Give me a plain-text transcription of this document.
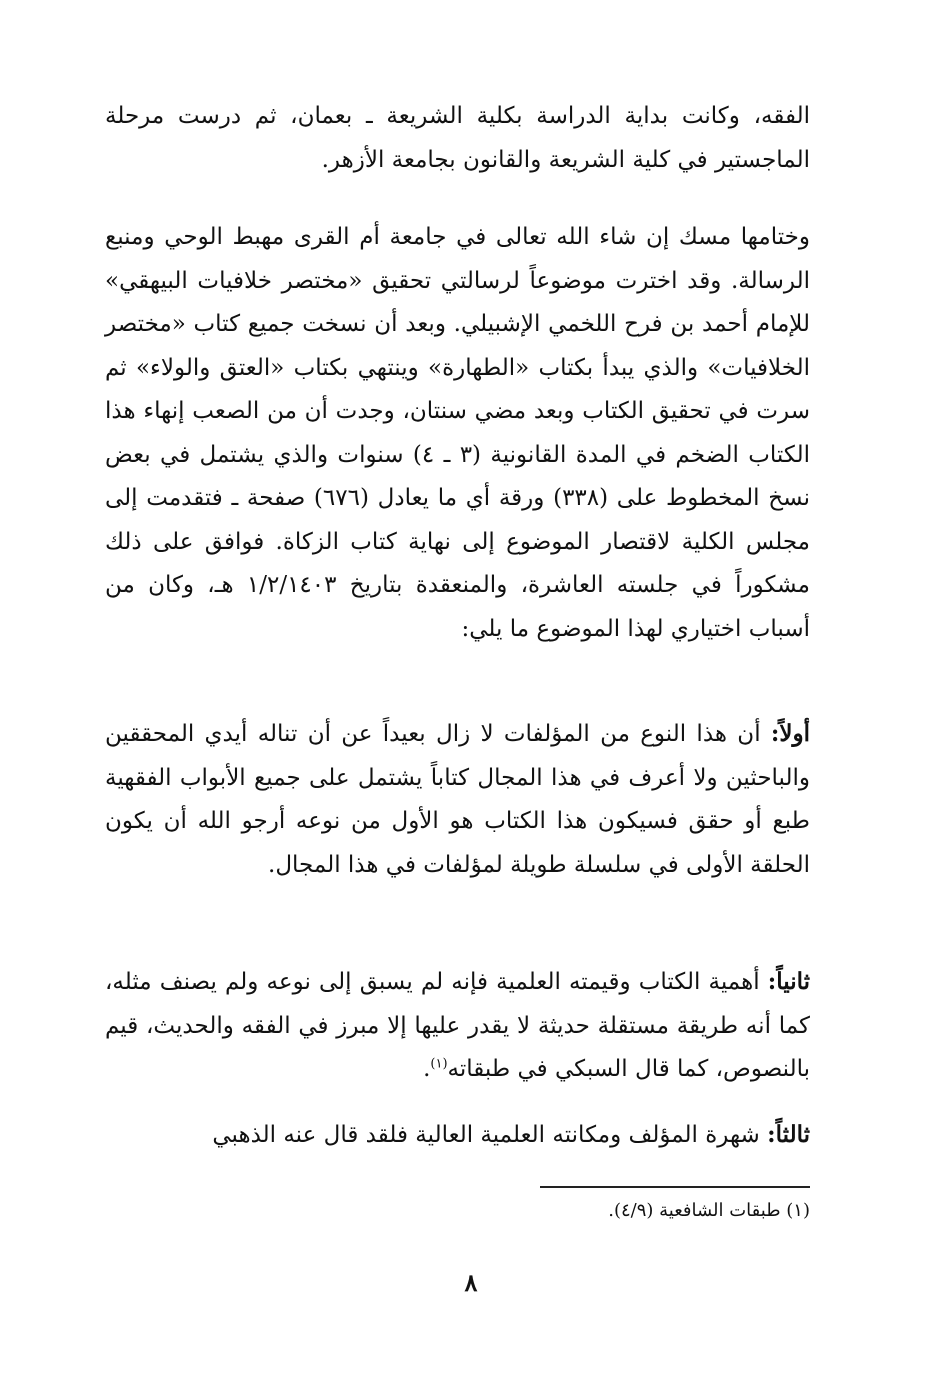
الفقه، وكانت بداية الدراسة بكلية الشريعة ـ بعمان، ثم درست مرحلة الماجستير في كلية الشريعة والقانون بجامعة الأزهر.

وختامها مسك إن شاء الله تعالى في جامعة أم القرى مهبط الوحي ومنبع الرسالة. وقد اخترت موضوعاً لرسالتي تحقيق «مختصر خلافيات البيهقي» للإمام أحمد بن فرح اللخمي الإشبيلي. وبعد أن نسخت جميع كتاب «مختصر الخلافيات» والذي يبدأ بكتاب «الطهارة» وينتهي بكتاب «العتق والولاء» ثم سرت في تحقيق الكتاب وبعد مضي سنتان، وجدت أن من الصعب إنهاء هذا الكتاب الضخم في المدة القانونية (٣ ـ ٤) سنوات والذي يشتمل في بعض نسخ المخطوط على (٣٣٨) ورقة أي ما يعادل (٦٧٦) صفحة ـ فتقدمت إلى مجلس الكلية لاقتصار الموضوع إلى نهاية كتاب الزكاة. فوافق على ذلك مشكوراً في جلسته العاشرة، والمنعقدة بتاريخ ١/٢/١٤٠٣ هـ، وكان من أسباب اختياري لهذا الموضوع ما يلي:

أولاً: أن هذا النوع من المؤلفات لا زال بعيداً عن أن تناله أيدي المحققين والباحثين ولا أعرف في هذا المجال كتاباً يشتمل على جميع الأبواب الفقهية طبع أو حقق فسيكون هذا الكتاب هو الأول من نوعه أرجو الله أن يكون الحلقة الأولى في سلسلة طويلة لمؤلفات في هذا المجال.

ثانياً: أهمية الكتاب وقيمته العلمية فإنه لم يسبق إلى نوعه ولم يصنف مثله، كما أنه طريقة مستقلة حديثة لا يقدر عليها إلا مبرز في الفقه والحديث، قيم بالنصوص، كما قال السبكي في طبقاته$^{(١)}$.

ثالثاً: شهرة المؤلف ومكانته العلمية العالية فلقد قال عنه الذهبي

(١) طبقات الشافعية (٤/٩).
٨
